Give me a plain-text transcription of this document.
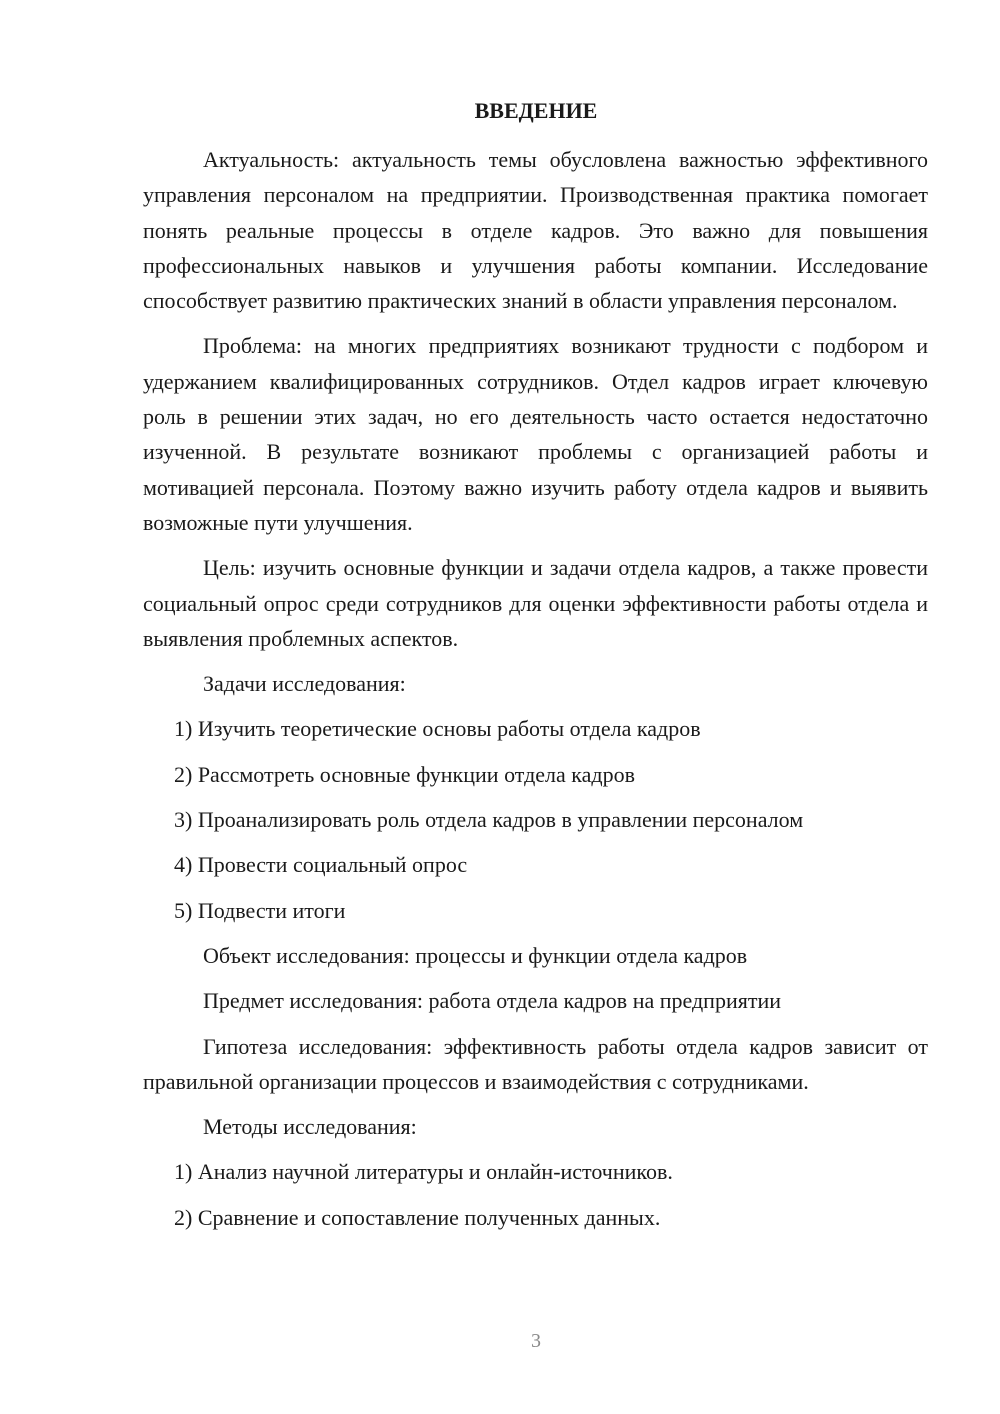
ВВЕДЕНИЕ

Актуальность: актуальность темы обусловлена важностью эффективного управления персоналом на предприятии. Производственная практика помогает понять реальные процессы в отделе кадров. Это важно для повышения профессиональных навыков и улучшения работы компании. Исследование способствует развитию практических знаний в области управления персоналом.

Проблема: на многих предприятиях возникают трудности с подбором и удержанием квалифицированных сотрудников. Отдел кадров играет ключевую роль в решении этих задач, но его деятельность часто остается недостаточно изученной. В результате возникают проблемы с организацией работы и мотивацией персонала. Поэтому важно изучить работу отдела кадров и выявить возможные пути улучшения.

Цель: изучить основные функции и задачи отдела кадров, а также провести социальный опрос среди сотрудников для оценки эффективности работы отдела и выявления проблемных аспектов.

Задачи исследования:

1) Изучить теоретические основы работы отдела кадров
2) Рассмотреть основные функции отдела кадров
3) Проанализировать роль отдела кадров в управлении персоналом
4) Провести социальный опрос
5) Подвести итоги

Объект исследования: процессы и функции отдела кадров

Предмет исследования: работа отдела кадров на предприятии

Гипотеза исследования: эффективность работы отдела кадров зависит от правильной организации процессов и взаимодействия с сотрудниками.

Методы исследования:

1) Анализ научной литературы и онлайн-источников.
2) Сравнение и сопоставление полученных данных.
3
